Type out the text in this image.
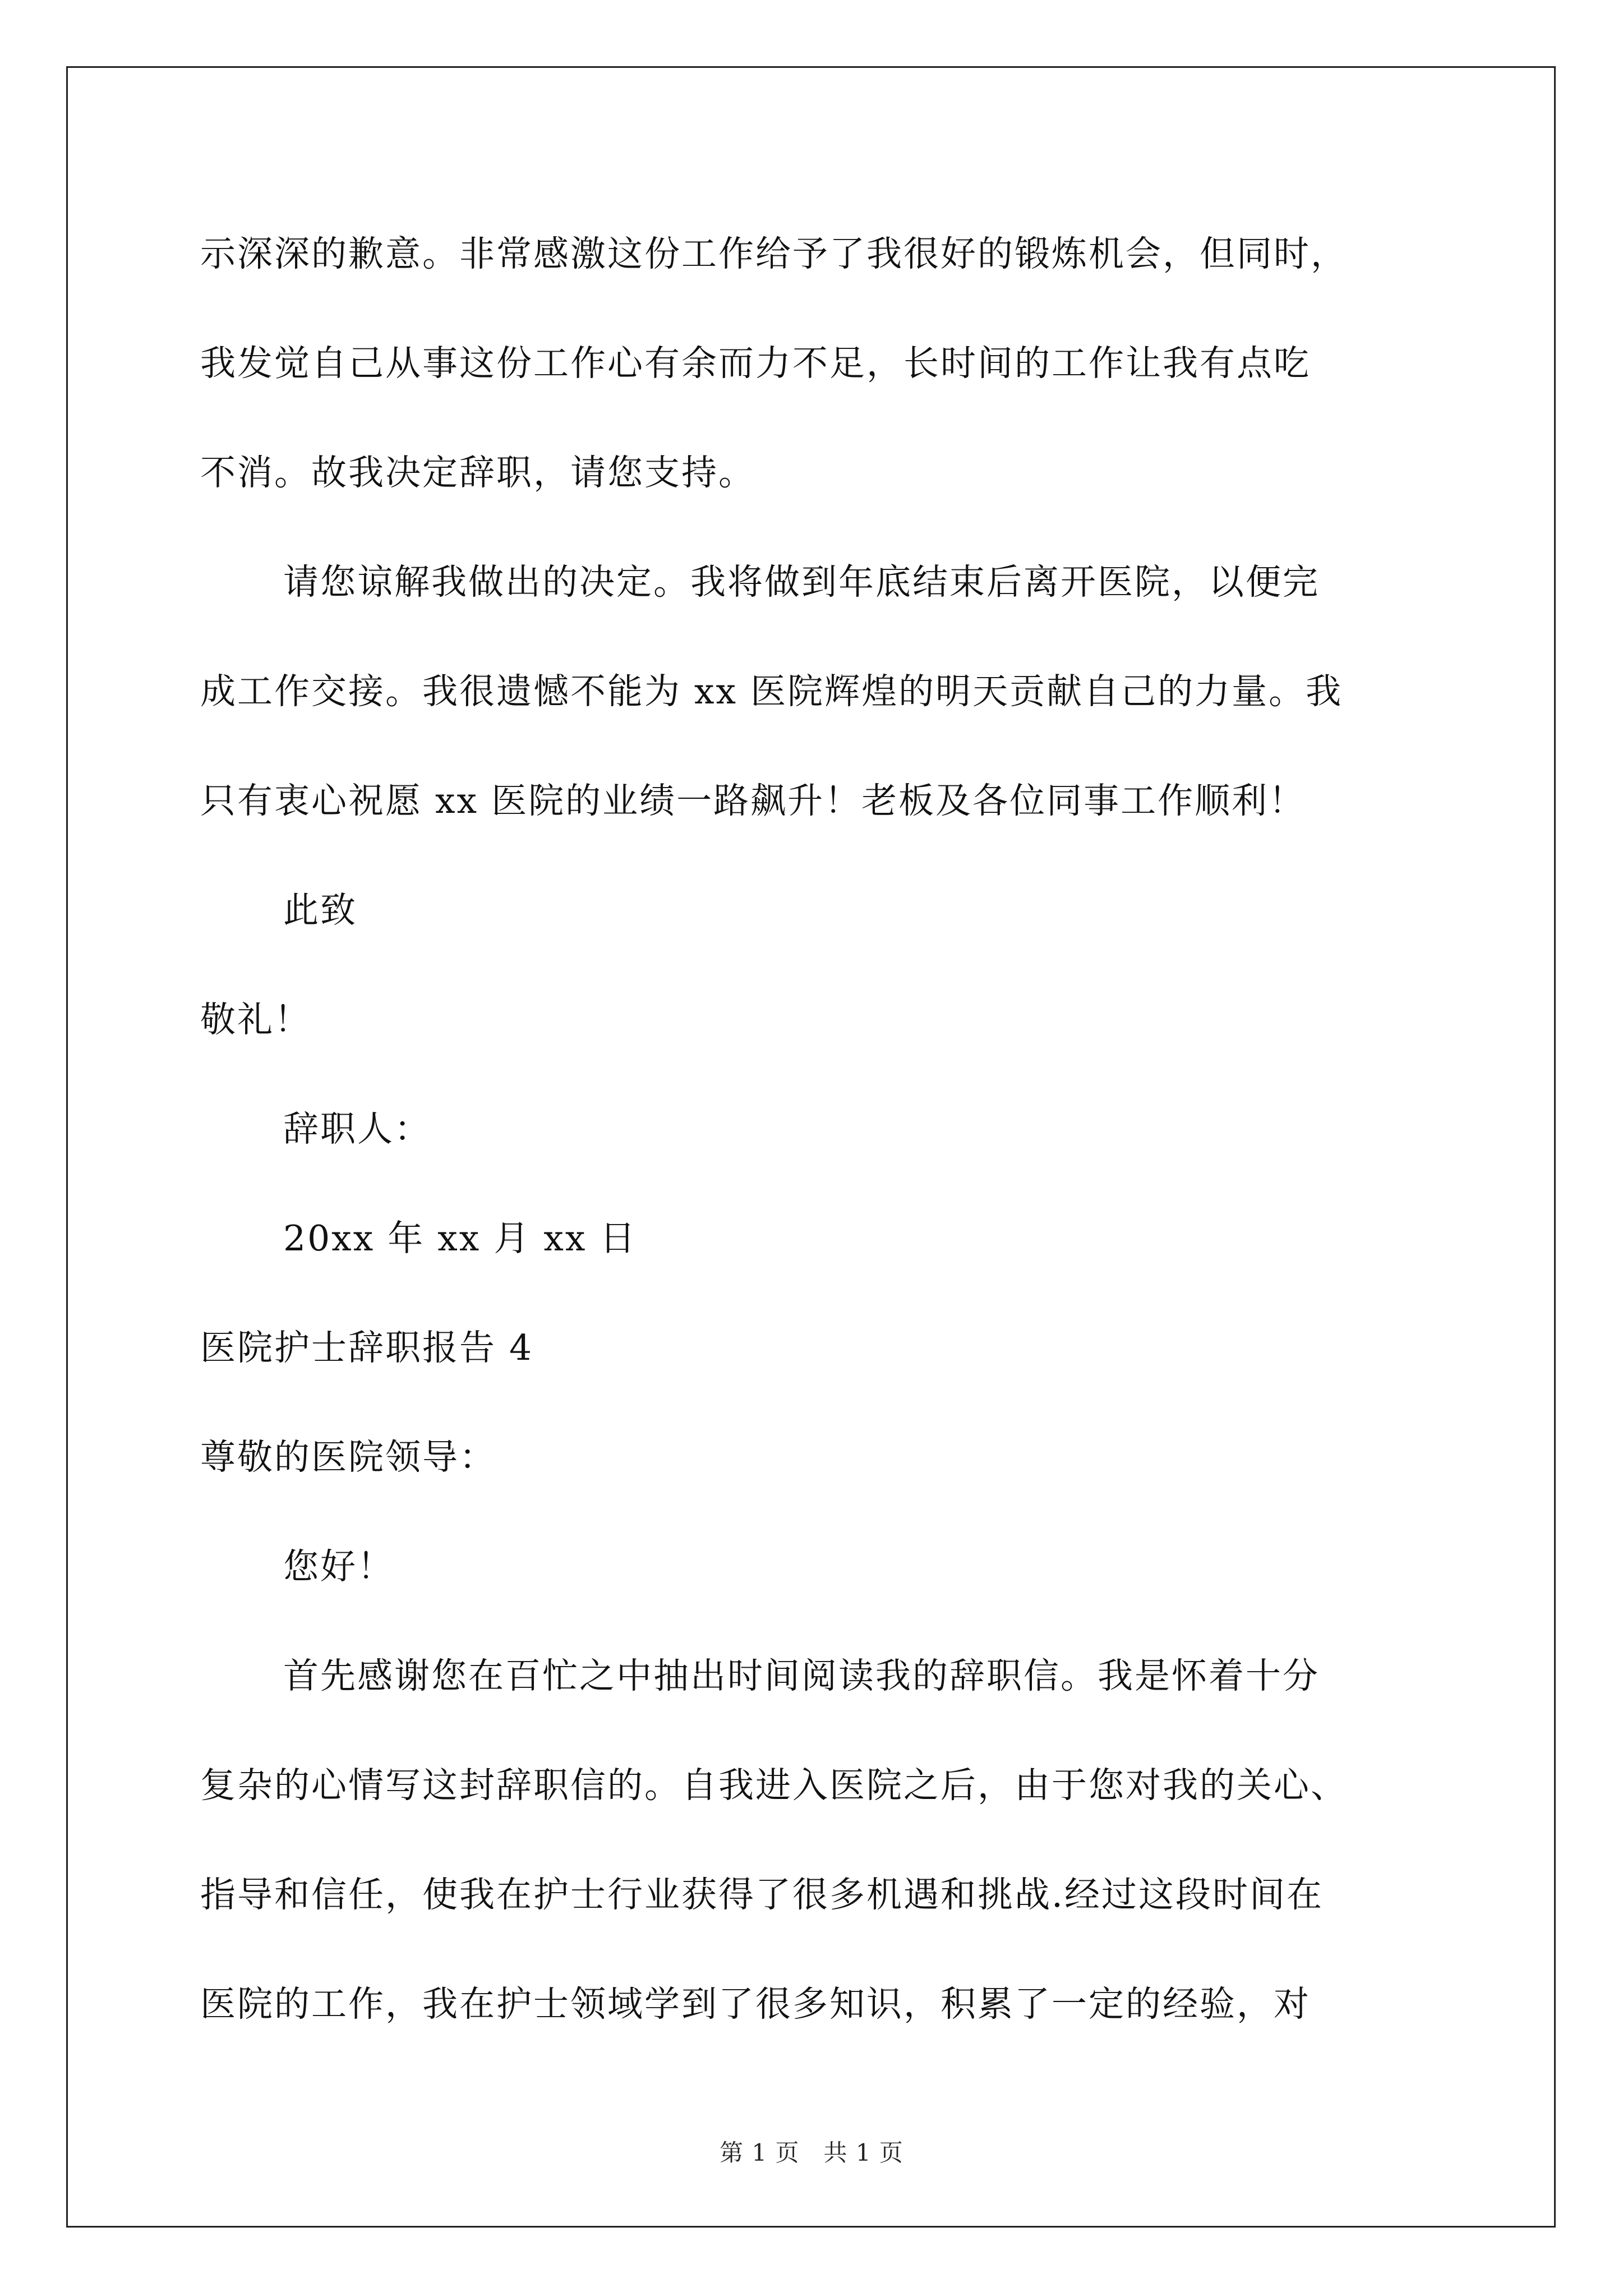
示深深的歉意。非常感激这份工作给予了我很好的锻炼机会，但同时，
我发觉自己从事这份工作心有余而力不足，长时间的工作让我有点吃
不消。故我决定辞职，请您支持。
请您谅解我做出的决定。我将做到年底结束后离开医院，以便完
成工作交接。我很遗憾不能为 xx 医院辉煌的明天贡献自己的力量。我
只有衷心祝愿 xx 医院的业绩一路飙升！老板及各位同事工作顺利！
此致
敬礼！
辞职人：
20xx 年 xx 月 xx 日
医院护士辞职报告 4
尊敬的医院领导：
您好！
首先感谢您在百忙之中抽出时间阅读我的辞职信。我是怀着十分
复杂的心情写这封辞职信的。自我进入医院之后，由于您对我的关心、
指导和信任，使我在护士行业获得了很多机遇和挑战.经过这段时间在
医院的工作，我在护士领域学到了很多知识，积累了一定的经验，对
第 1 页　共 1 页
